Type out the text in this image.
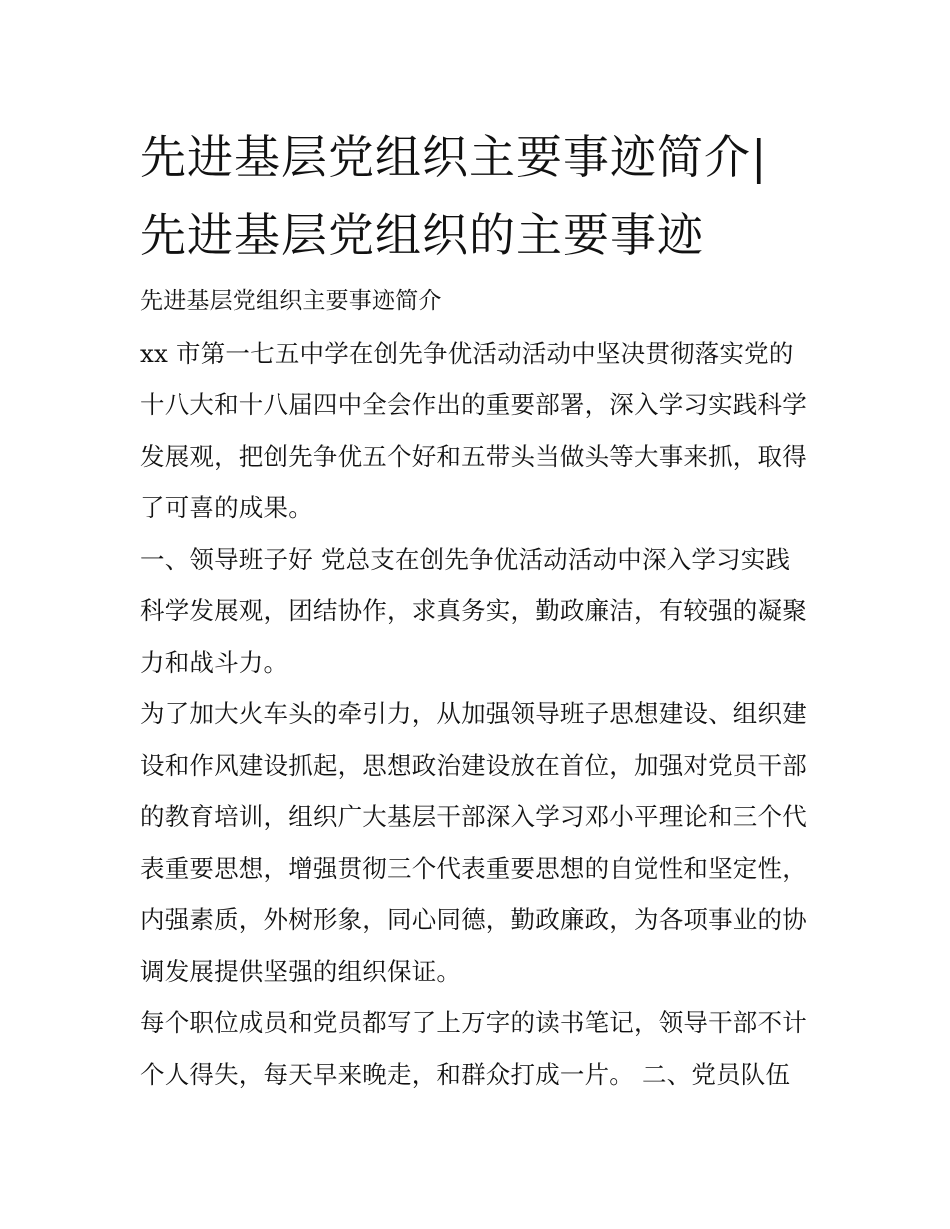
先进基层党组织主要事迹简介|
先进基层党组织的主要事迹
先进基层党组织主要事迹简介
xx 市第一七五中学在创先争优活动活动中坚决贯彻落实党的
十八大和十八届四中全会作出的重要部署，深入学习实践科学
发展观，把创先争优五个好和五带头当做头等大事来抓，取得
了可喜的成果。
一、领导班子好 党总支在创先争优活动活动中深入学习实践
科学发展观，团结协作，求真务实，勤政廉洁，有较强的凝聚
力和战斗力。
为了加大火车头的牵引力，从加强领导班子思想建设、组织建
设和作风建设抓起，思想政治建设放在首位，加强对党员干部
的教育培训，组织广大基层干部深入学习邓小平理论和三个代
表重要思想，增强贯彻三个代表重要思想的自觉性和坚定性，
内强素质，外树形象，同心同德，勤政廉政，为各项事业的协
调发展提供坚强的组织保证。
每个职位成员和党员都写了上万字的读书笔记，领导干部不计
个人得失，每天早来晚走，和群众打成一片。 二、党员队伍
